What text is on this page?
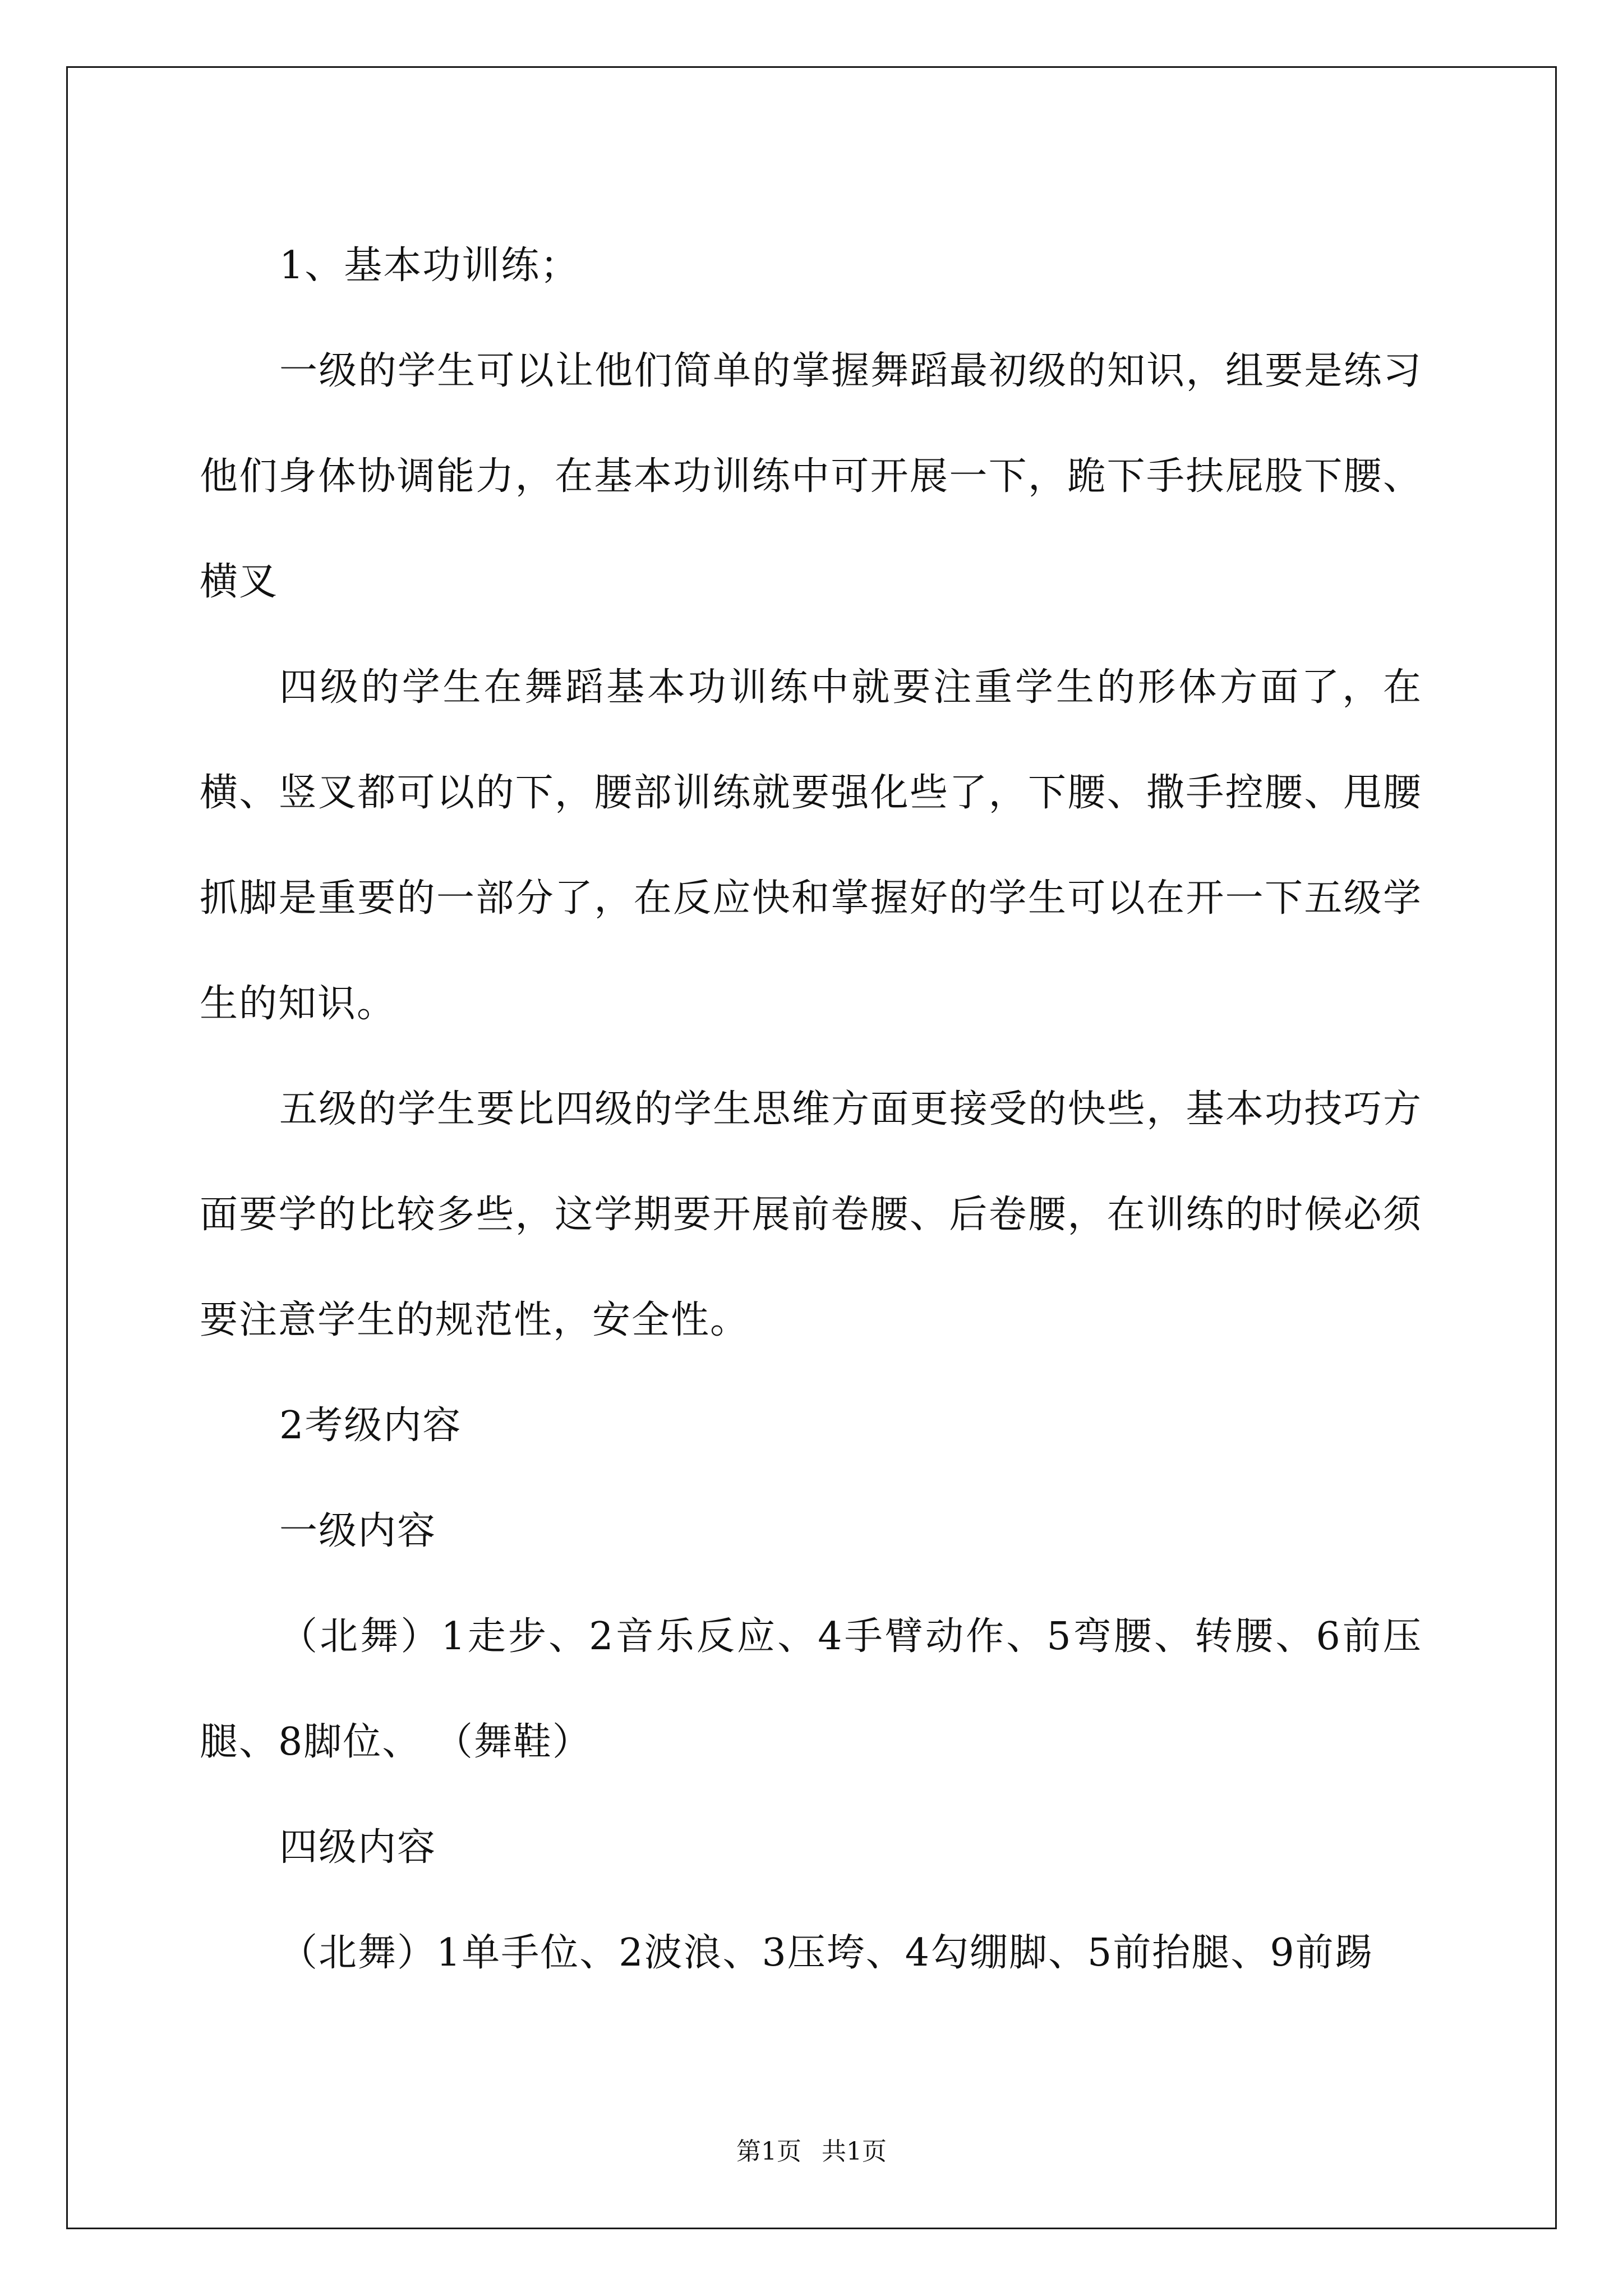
1、基本功训练；

一级的学生可以让他们简单的掌握舞蹈最初级的知识，组要是练习他们身体协调能力，在基本功训练中可开展一下，跪下手扶屁股下腰、横叉

四级的学生在舞蹈基本功训练中就要注重学生的形体方面了，在横、竖叉都可以的下，腰部训练就要强化些了，下腰、撒手控腰、甩腰抓脚是重要的一部分了，在反应快和掌握好的学生可以在开一下五级学生的知识。

五级的学生要比四级的学生思维方面更接受的快些，基本功技巧方面要学的比较多些，这学期要开展前卷腰、后卷腰，在训练的时候必须要注意学生的规范性，安全性。

2考级内容

一级内容

（北舞）1走步、2音乐反应、4手臂动作、5弯腰、转腰、6前压腿、8脚位、 （舞鞋）

四级内容

（北舞）1单手位、2波浪、3压垮、4勾绷脚、5前抬腿、9前踢

第1页 共1页
